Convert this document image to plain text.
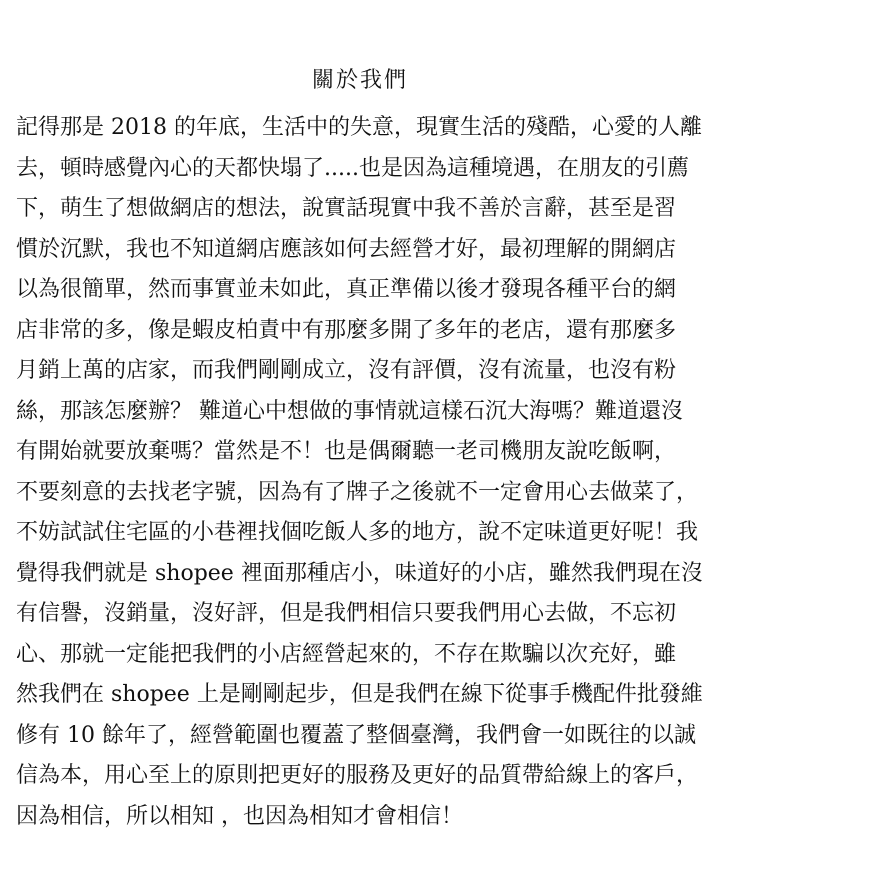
關於我們
記得那是 2018 的年底，生活中的失意，現實生活的殘酷，心愛的人離
去，頓時感覺內心的天都快塌了.....也是因為這種境遇，在朋友的引薦
下，萌生了想做網店的想法，說實話現實中我不善於言辭，甚至是習
慣於沉默，我也不知道網店應該如何去經營才好，最初理解的開網店
以為很簡單，然而事實並未如此，真正準備以後才發現各種平台的網
店非常的多，像是蝦皮柏責中有那麼多開了多年的老店，還有那麼多
月銷上萬的店家，而我們剛剛成立，沒有評價，沒有流量，也沒有粉
絲，那該怎麼辦？ 難道心中想做的事情就這樣石沉大海嗎？難道還沒
有開始就要放棄嗎？當然是不！也是偶爾聽一老司機朋友說吃飯啊，
不要刻意的去找老字號，因為有了牌子之後就不一定會用心去做菜了，
不妨試試住宅區的小巷裡找個吃飯人多的地方，說不定味道更好呢！我
覺得我們就是 shopee 裡面那種店小，味道好的小店，雖然我們現在沒
有信譽，沒銷量，沒好評，但是我們相信只要我們用心去做，不忘初
心、那就一定能把我們的小店經營起來的，不存在欺騙以次充好，雖
然我們在 shopee 上是剛剛起步，但是我們在線下從事手機配件批發維
修有 10 餘年了，經營範圍也覆蓋了整個臺灣，我們會一如既往的以誠
信為本，用心至上的原則把更好的服務及更好的品質帶給線上的客戶，
因為相信，所以相知 ，也因為相知才會相信！
